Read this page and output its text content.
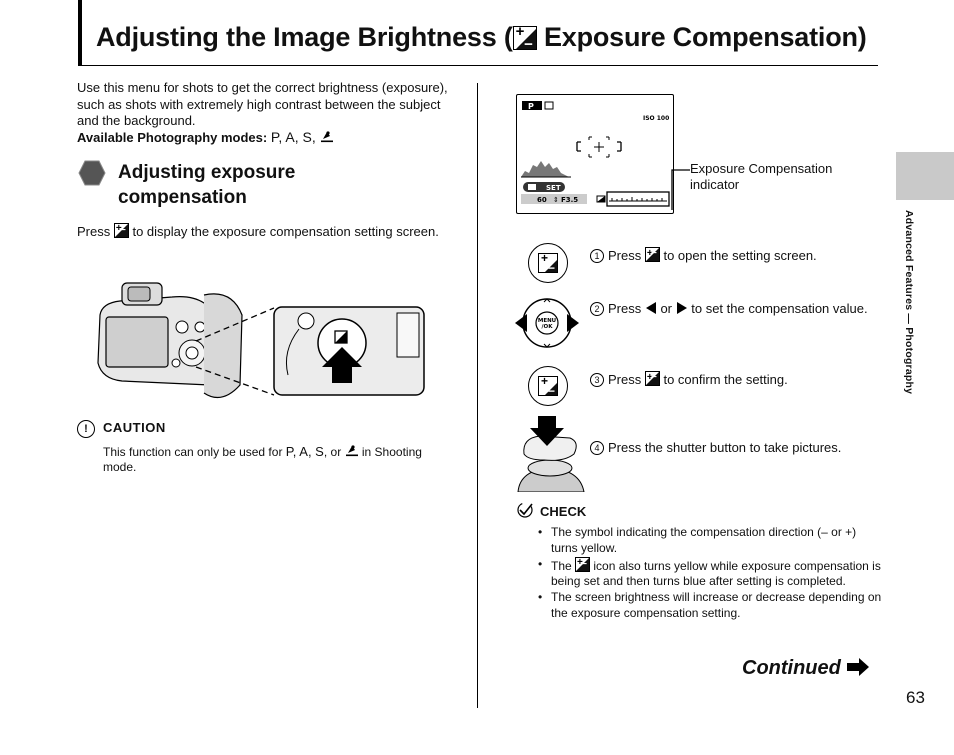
Adjusting the Image Brightness ( +
− Exposure Compensation)
Use this menu for shots to get the correct brightness (exposure), such as shots with extremely high contrast between the subject and the background.
Available Photography modes: P, A, S,
Adjusting exposure compensation
Press +
− to display the exposure compensation setting screen.
!	CAUTION
This function can only be used for P, A, S, or  in Shooting mode.
P
ISO 100
SET
60 ⇕ F3.5
Exposure Compensation indicator
+
−
1 Press +
− to open the setting screen.
MENU
/OK
2 Press  or  to set the compensation value.
+
−
3 Press +
− to confirm the setting.
4 Press the shutter button to take pictures.
CHECK
• The symbol indicating the compensation direction (– or +) turns yellow.
• The +
− icon also turns yellow while exposure compensation is being set and then turns blue after setting is completed.
• The screen brightness will increase or decrease depending on the exposure compensation setting.
Continued
63
Advanced Features — Photography
